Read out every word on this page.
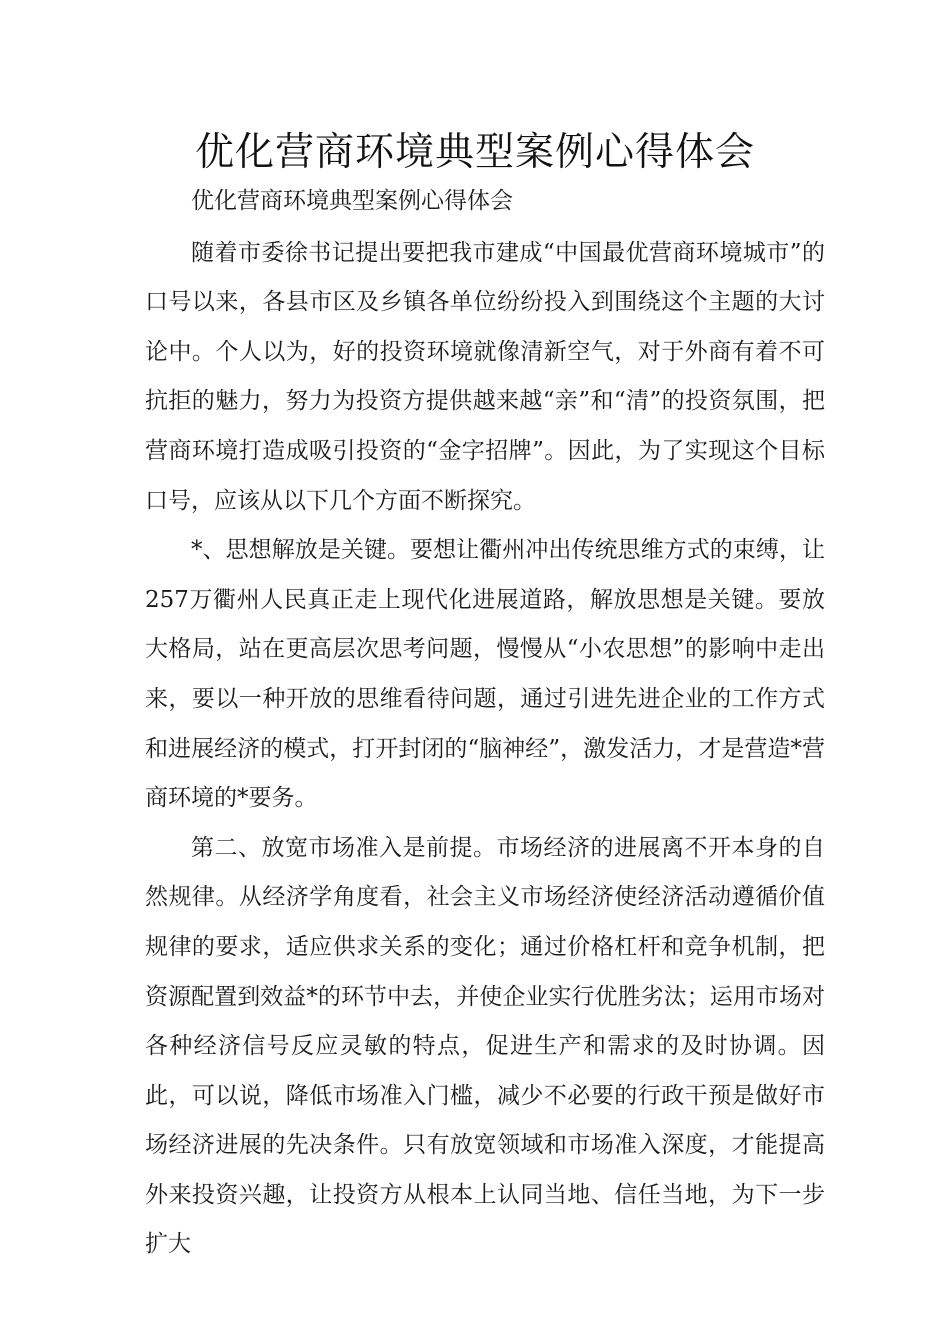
优化营商环境典型案例心得体会

优化营商环境典型案例心得体会

随着市委徐书记提出要把我市建成“中国最优营商环境城市”的口号以来，各县市区及乡镇各单位纷纷投入到围绕这个主题的大讨论中。个人以为，好的投资环境就像清新空气，对于外商有着不可抗拒的魅力，努力为投资方提供越来越“亲”和“清”的投资氛围，把营商环境打造成吸引投资的“金字招牌”。因此，为了实现这个目标口号，应该从以下几个方面不断探究。

*、思想解放是关键。要想让衢州冲出传统思维方式的束缚，让257万衢州人民真正走上现代化进展道路，解放思想是关键。要放大格局，站在更高层次思考问题，慢慢从“小农思想”的影响中走出来，要以一种开放的思维看待问题，通过引进先进企业的工作方式和进展经济的模式，打开封闭的“脑神经”，激发活力，才是营造*营商环境的*要务。

第二、放宽市场准入是前提。市场经济的进展离不开本身的自然规律。从经济学角度看，社会主义市场经济使经济活动遵循价值规律的要求，适应供求关系的变化；通过价格杠杆和竞争机制，把资源配置到效益*的环节中去，并使企业实行优胜劣汰；运用市场对各种经济信号反应灵敏的特点，促进生产和需求的及时协调。因此，可以说，降低市场准入门槛，减少不必要的行政干预是做好市场经济进展的先决条件。只有放宽领域和市场准入深度，才能提高外来投资兴趣，让投资方从根本上认同当地、信任当地，为下一步扩大
